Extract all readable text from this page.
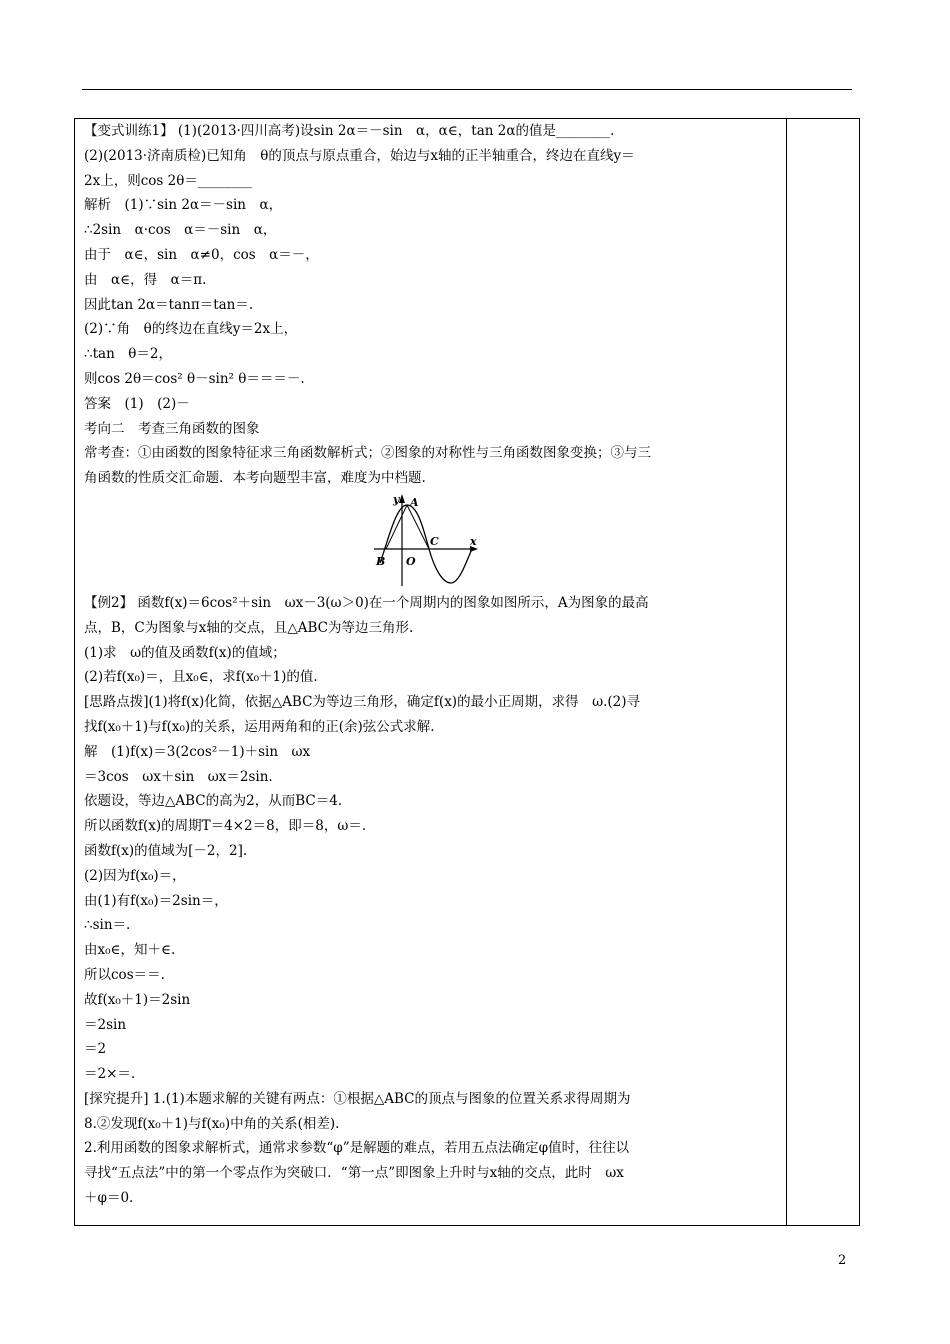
【变式训练1】 (1)(2013·四川高考)设sin 2α＝－sin　α，α∈，tan 2α的值是________.
(2)(2013·济南质检)已知角　θ的顶点与原点重合，始边与x轴的正半轴重合，终边在直线y＝
2x上，则cos 2θ＝________
解析　(1)∵sin 2α＝－sin　α，
∴2sin　α·cos　α＝－sin　α，
由于　α∈，sin　α≠0，cos　α＝－，
由　α∈，得　α＝π.
因此tan 2α＝tanπ＝tan＝.
(2)∵角　θ的终边在直线y＝2x上，
∴tan　θ＝2，
则cos 2θ＝cos² θ－sin² θ＝＝＝－.
答案　(1)　(2)－
考向二　考查三角函数的图象
常考查：①由函数的图象特征求三角函数解析式；②图象的对称性与三角函数图象变换；③与三
角函数的性质交汇命题．本考向题型丰富，难度为中档题.
y A
B O
C	x
【例2】 函数f(x)＝6cos²＋sin　ωx－3(ω＞0)在一个周期内的图象如图所示，A为图象的最高
点，B，C为图象与x轴的交点，且△ABC为等边三角形.
(1)求　ω的值及函数f(x)的值域；
(2)若f(x₀)＝，且x₀∈，求f(x₀＋1)的值.
[思路点拨](1)将f(x)化简，依据△ABC为等边三角形，确定f(x)的最小正周期，求得　ω.(2)寻
找f(x₀＋1)与f(x₀)的关系，运用两角和的正(余)弦公式求解.
解　(1)f(x)＝3(2cos²－1)＋sin　ωx
＝3cos　ωx＋sin　ωx＝2sin.
依题设，等边△ABC的高为2，从而BC＝4.
所以函数f(x)的周期T＝4×2＝8，即＝8，ω＝.
函数f(x)的值域为[－2，2].
(2)因为f(x₀)＝，
由(1)有f(x₀)＝2sin＝，
∴sin＝.
由x₀∈，知＋∈.
所以cos＝＝.
故f(x₀＋1)＝2sin
＝2sin
＝2
＝2×＝.
[探究提升] 1.(1)本题求解的关键有两点：①根据△ABC的顶点与图象的位置关系求得周期为
8.②发现f(x₀＋1)与f(x₀)中角的关系(相差).
2.利用函数的图象求解析式，通常求参数“φ”是解题的难点，若用五点法确定φ值时，往往以
寻找“五点法”中的第一个零点作为突破口．“第一点”即图象上升时与x轴的交点，此时　ωx
＋φ＝0.
2
